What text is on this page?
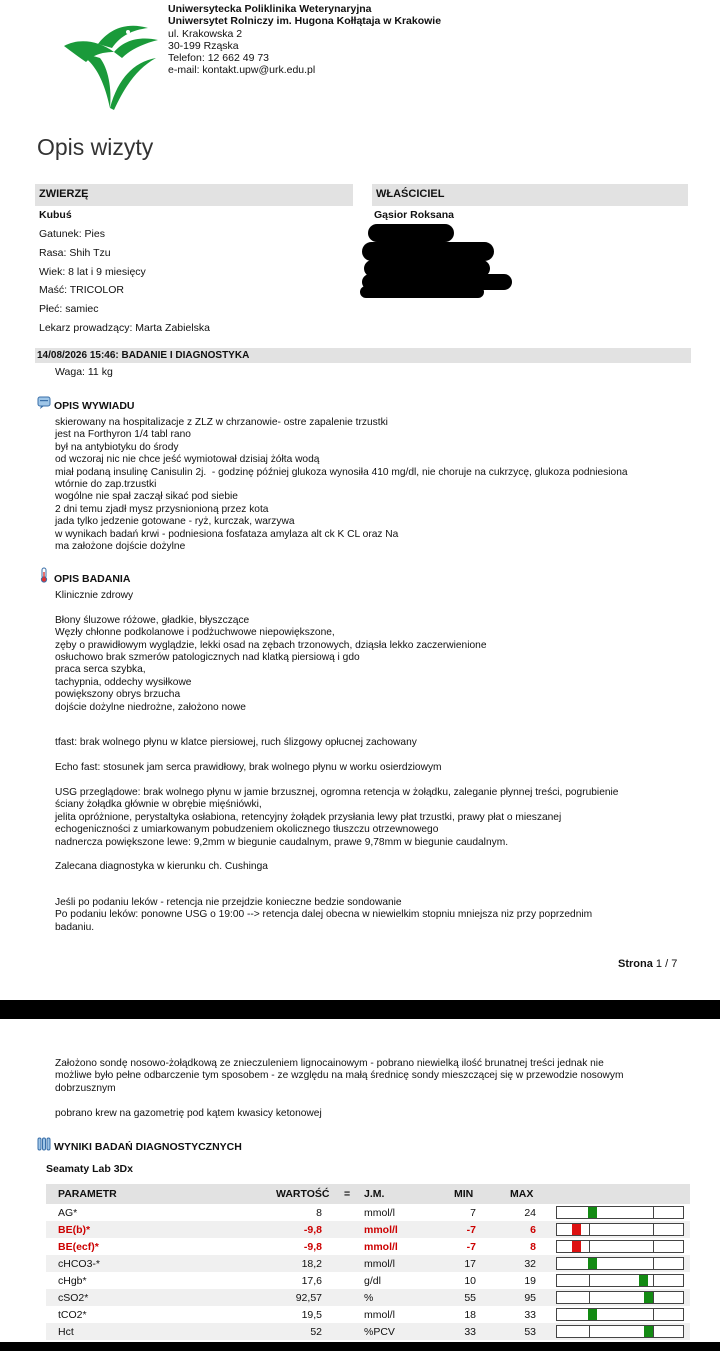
Uniwersytecka Poliklinika Weterynaryjna
Uniwersytet Rolniczy im. Hugona Kołłątaja w Krakowie
ul. Krakowska 2
30-199 Rząska
Telefon: 12 662 49 73
e-mail: kontakt.upw@urk.edu.pl
Opis wizyty
ZWIERZĘ	WŁAŚCICIEL
Kubuś
Gatunek: Pies
Rasa: Shih Tzu
Wiek: 8 lat i 9 miesięcy
Maść: TRICOLOR
Płeć: samiec
Lekarz prowadzący: Marta Zabielska
Gąsior Roksana
14/08/2026 15:46: BADANIE I DIAGNOSTYKA
Waga: 11 kg
OPIS WYWIADU
skierowany na hospitalizacje z ZLZ w chrzanowie- ostre zapalenie trzustki
jest na Forthyron 1/4 tabl rano
był na antybiotyku do środy
od wczoraj nic nie chce jeść wymiotował dzisiaj żółta wodą
miał podaną insulinę Canisulin 2j.  - godzinę później glukoza wynosiła 410 mg/dl, nie choruje na cukrzycę, glukoza podniesiona
wtórnie do zap.trzustki
wogólne nie spał zaczął sikać pod siebie
2 dni temu zjadł mysz przysnionioną przez kota
jada tylko jedzenie gotowane - ryż, kurczak, warzywa
w wynikach badań krwi - podniesiona fosfataza amylaza alt ck K CL oraz Na
ma założone dojście dożylne
OPIS BADANIA
Klinicznie zdrowy

Błony śluzowe różowe, gładkie, błyszczące
Węzły chłonne podkolanowe i podżuchwowe niepowiększone,
zęby o prawidłowym wyglądzie, lekki osad na zębach trzonowych, dziąsła lekko zaczerwienione
osłuchowo brak szmerów patologicznych nad klatką piersiową i gdo
praca serca szybka,
tachypnia, oddechy wysiłkowe
powiększony obrys brzucha
dojście dożylne niedrożne, założono nowe
tfast: brak wolnego płynu w klatce piersiowej, ruch ślizgowy opłucnej zachowany
Echo fast: stosunek jam serca prawidłowy, brak wolnego płynu w worku osierdziowym
USG przeglądowe: brak wolnego płynu w jamie brzusznej, ogromna retencja w żołądku, zaleganie płynnej treści, pogrubienie
ściany żołądka głównie w obrębie mięśniówki,
jelita opróżnione, perystaltyka osłabiona, retencyjny żołądek przysłania lewy płat trzustki, prawy płat o mieszanej
echogeniczności z umiarkowanym pobudzeniem okolicznego tłuszczu otrzewnowego
nadnercza powiększone lewe: 9,2mm w biegunie caudalnym, prawe 9,78mm w biegunie caudalnym.
Zalecana diagnostyka w kierunku ch. Cushinga
Jeśli po podaniu leków - retencja nie przejdzie konieczne bedzie sondowanie
Po podaniu leków: ponowne USG o 19:00 --> retencja dalej obecna w niewielkim stopniu mniejsza niz przy poprzednim
badaniu.
Strona 1 / 7
Założono sondę nosowo-żołądkową ze znieczuleniem lignocainowym - pobrano niewielką ilość brunatnej treści jednak nie
możliwe było pełne odbarczenie tym sposobem - ze względu na małą średnicę sondy mieszczącej się w przewodzie nosowym
dobrzusznym
pobrano krew na gazometrię pod kątem kwasicy ketonowej
WYNIKI BADAŃ DIAGNOSTYCZNYCH
Seamaty Lab 3Dx
PARAMETR	WARTOŚĆ = J.M.	MIN	MAX
AG*	8	mmol/l	7	24
BE(b)*	-9,8	mmol/l	-7	6
BE(ecf)*	-9,8	mmol/l	-7	8
cHCO3-*	18,2	mmol/l	17	32
cHgb*	17,6	g/dl	10	19
cSO2*	92,57	%	55	95
tCO2*	19,5	mmol/l	18	33
Hct	52	%PCV	33	53
